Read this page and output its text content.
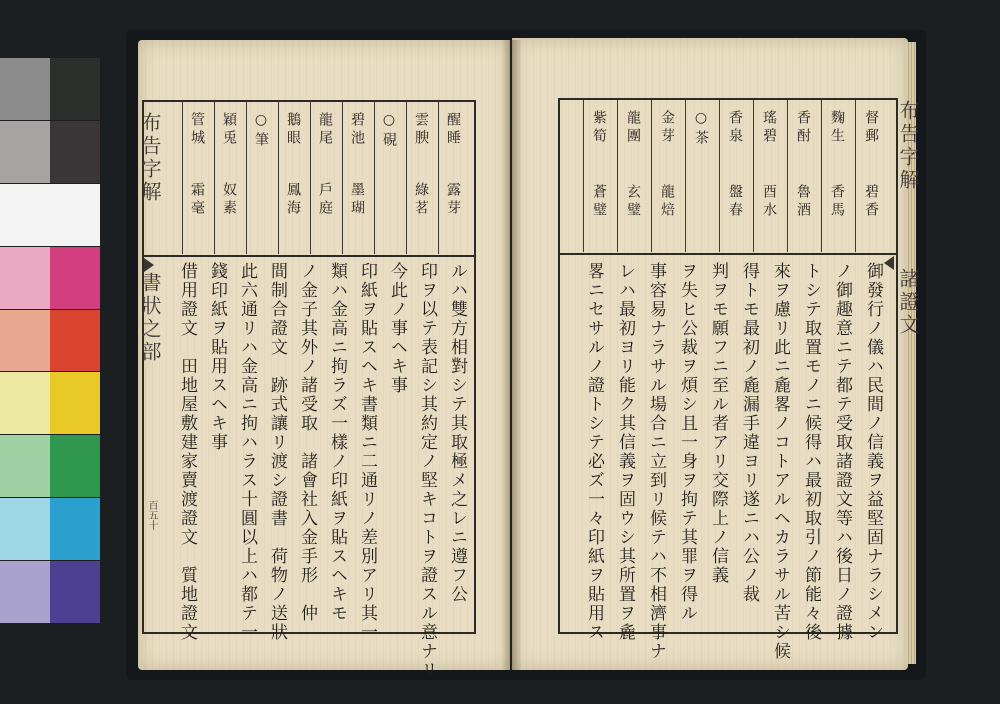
布告字解
書狀之部
醒睡
露芽
雲腴
綠茗
○硯
碧池
墨瑚
龍尾
戶庭
鵝眼
鳳海
○筆
穎兎
奴素
管城
霜毫
ルハ雙方相對シテ其取極メ之レニ遵フ公
印ヲ以テ表記シ其約定ノ堅キコトヲ證スル意ナリ
今此ノ事ヘキ事
印紙ヲ貼スヘキ書類ニ二通リノ差別アリ其一
類ハ金高ニ拘ラズ一樣ノ印紙ヲ貼スヘキモ
ノ金子其外ノ諸受取　諸會社入金手形　仲
間制合證文　跡式讓リ渡シ證書　荷物ノ送狀
此六通リハ金高ニ拘ハラス十圓以上ハ都テ一
錢印紙ヲ貼用スヘキ事
借用證文　田地屋敷建家賣渡證文　質地證文
百五十
布告字解
諸證文
督郵
碧香
麴生
香馬
香酎
魯酒
瑤碧
酉水
香泉
盤春
○茶
金芽
龍焙
龍團
玄璧
紫筍
蒼璧
御發行ノ儀ハ民間ノ信義ヲ益堅固ナラシメン
ノ御趣意ニテ都テ受取諸證文等ハ後日ノ證據
トシテ取置モノニ候得ハ最初取引ノ節能々後
來ヲ慮リ此ニ麁畧ノコトアルヘカラサル苦シ候
得トモ最初ノ麁漏手違ヨリ遂ニハ公ノ裁
判ヲモ願フニ至ル者アリ交際上ノ信義
ヲ失ヒ公裁ヲ煩シ且一身ヲ拘テ其罪ヲ得ル
事容易ナラサル場合ニ立到リ候テハ不相濟事ナ
レハ最初ヨリ能ク其信義ヲ固ウシ其所置ヲ麁
畧ニセサルノ證トシテ必ズ一々印紙ヲ貼用ス
